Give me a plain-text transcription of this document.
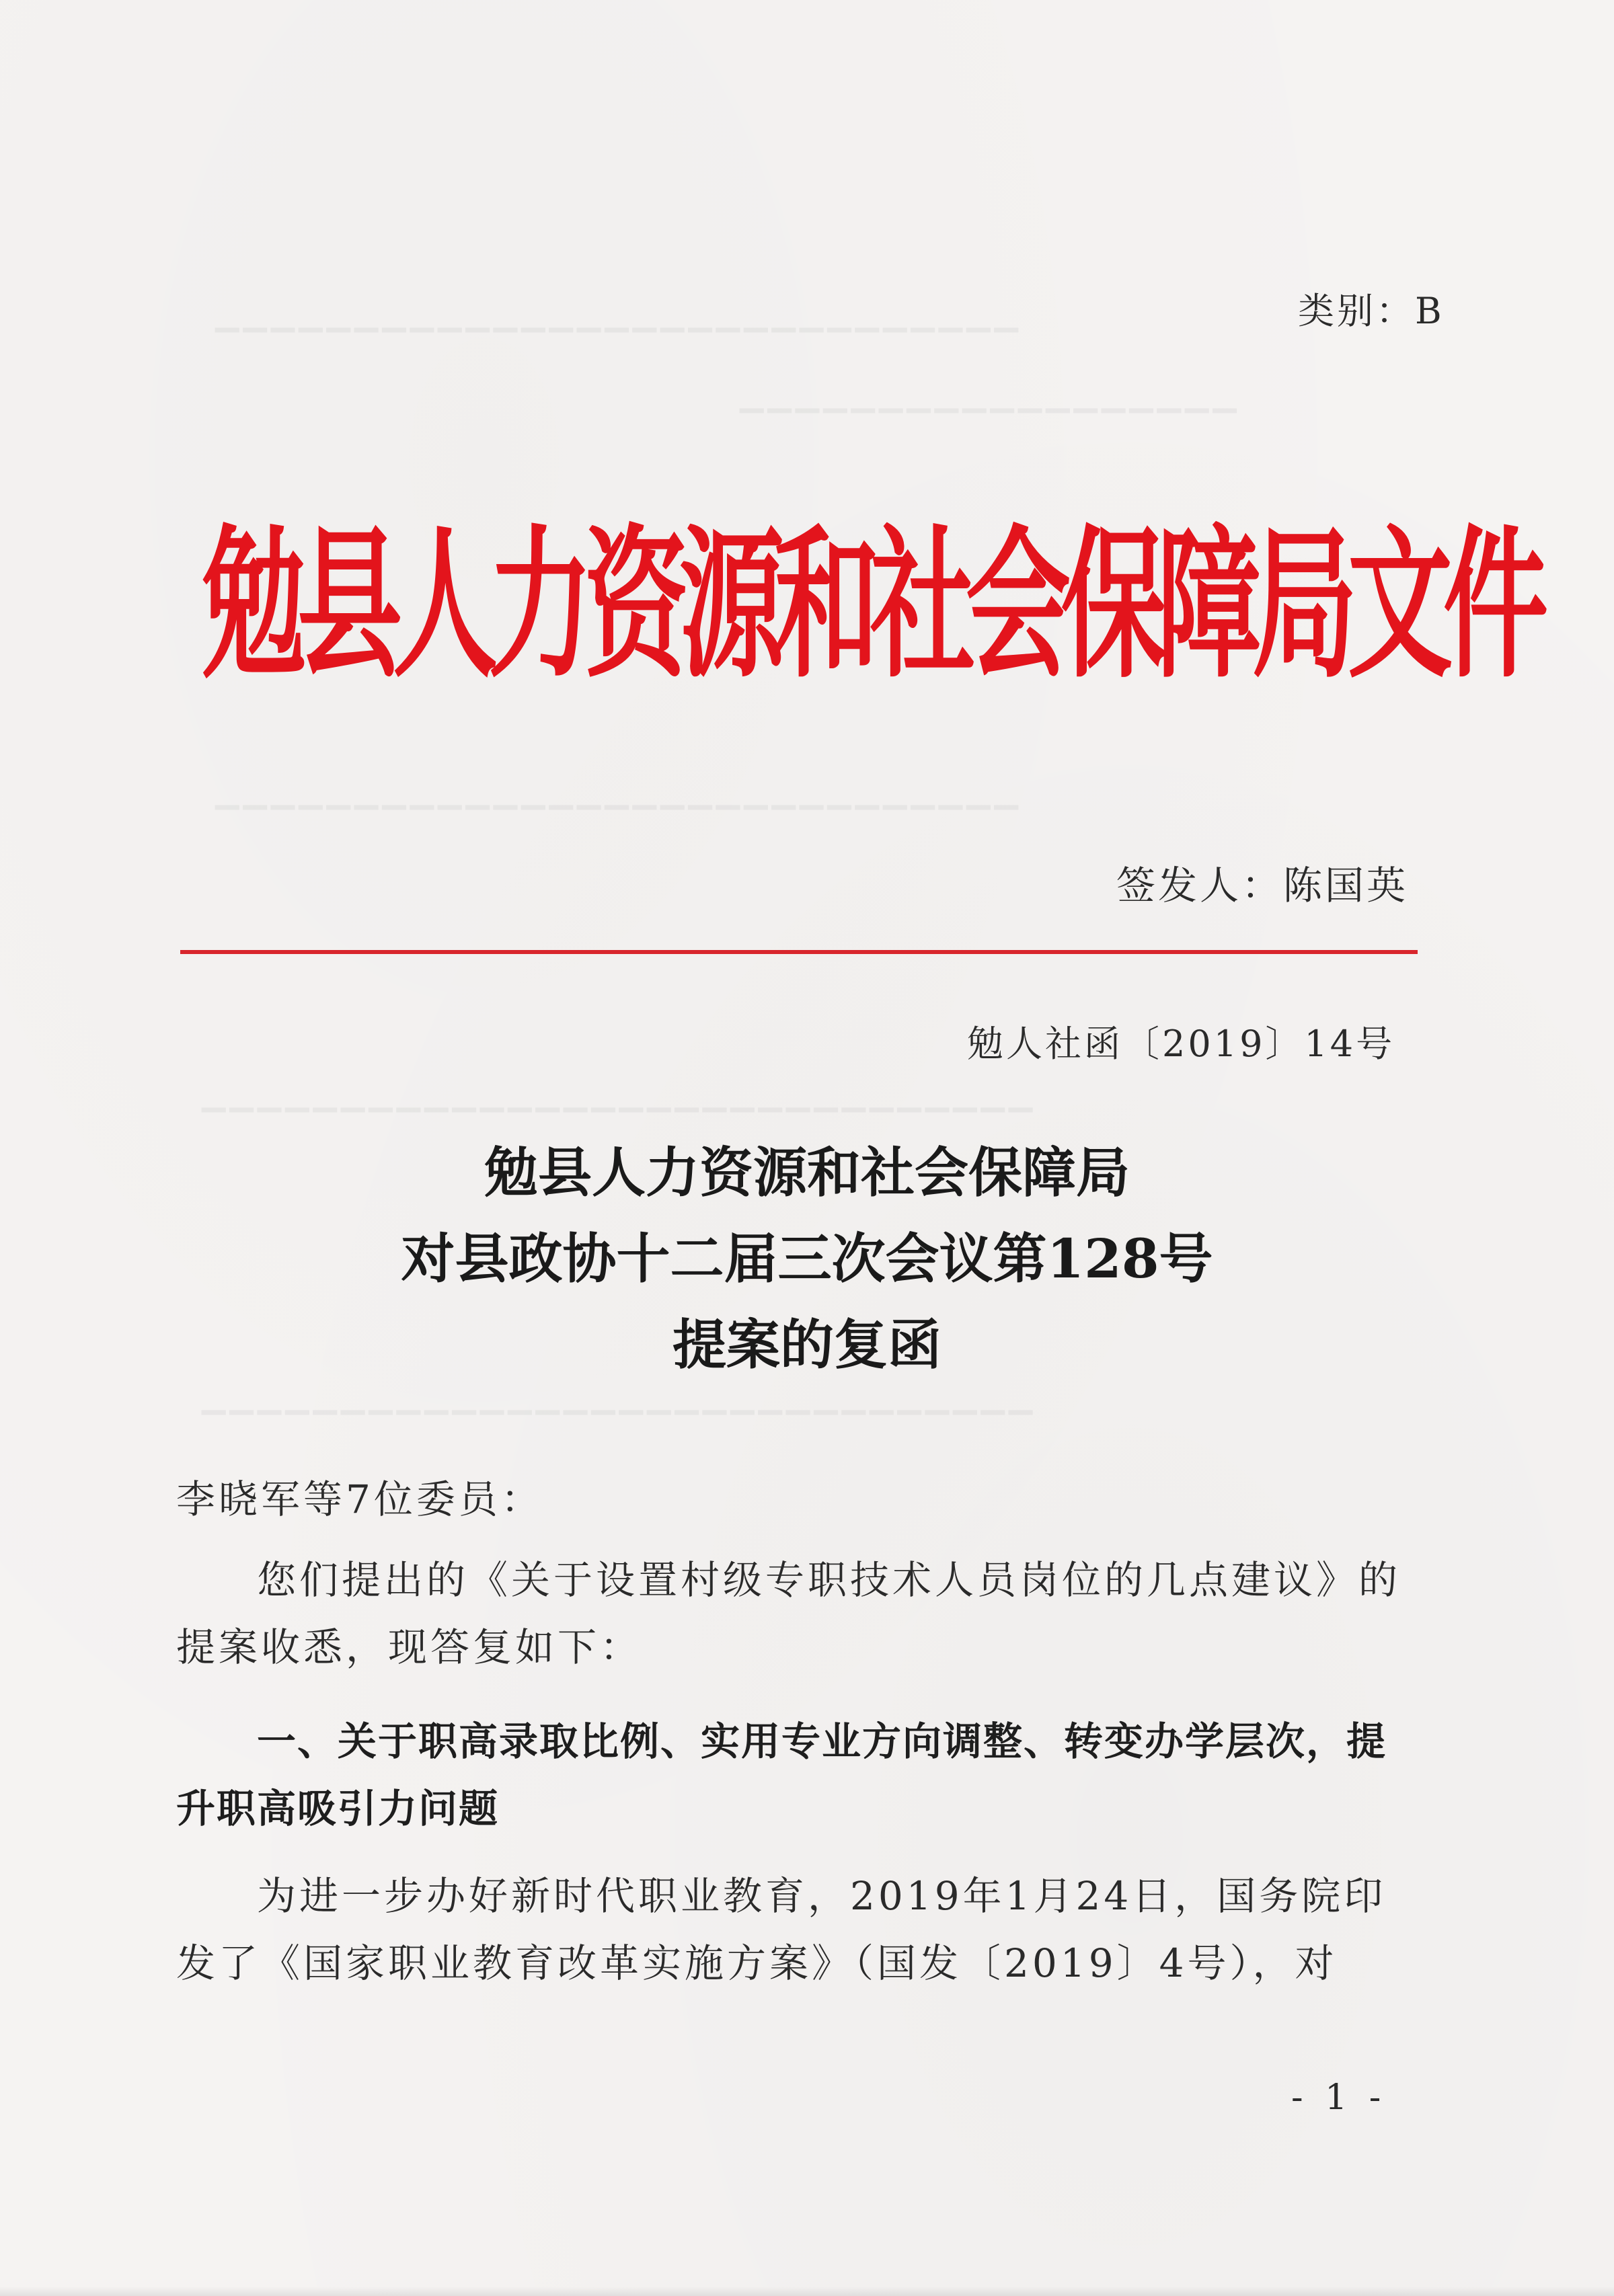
▁▁▁▁▁▁▁▁▁▁▁▁▁▁▁▁▁▁▁▁▁▁▁▁▁▁▁▁▁
▁▁▁▁▁▁▁▁▁▁▁▁▁▁▁▁▁▁
▁▁▁▁▁▁▁▁▁▁▁▁▁▁▁▁▁▁▁▁▁▁▁▁▁▁▁▁▁
▁▁▁▁▁▁▁▁▁▁▁▁▁▁▁▁▁▁▁▁▁▁▁▁▁▁▁▁▁▁
▁▁▁▁▁▁▁▁▁▁▁▁▁▁▁▁▁▁▁▁▁▁▁▁▁▁▁▁▁▁
类别：B
勉县人力资源和社会保障局文件
签发人：陈国英
勉人社函〔2019〕14号
勉县人力资源和社会保障局
对县政协十二届三次会议第128号
提案的复函
李晓军等7位委员：
您们提出的《关于设置村级专职技术人员岗位的几点建议》的提案收悉，现答复如下：
一、关于职高录取比例、实用专业方向调整、转变办学层次，提升职高吸引力问题
为进一步办好新时代职业教育，2019年1月24日，国务院印发了《国家职业教育改革实施方案》（国发〔2019〕4号），对
- 1 -
